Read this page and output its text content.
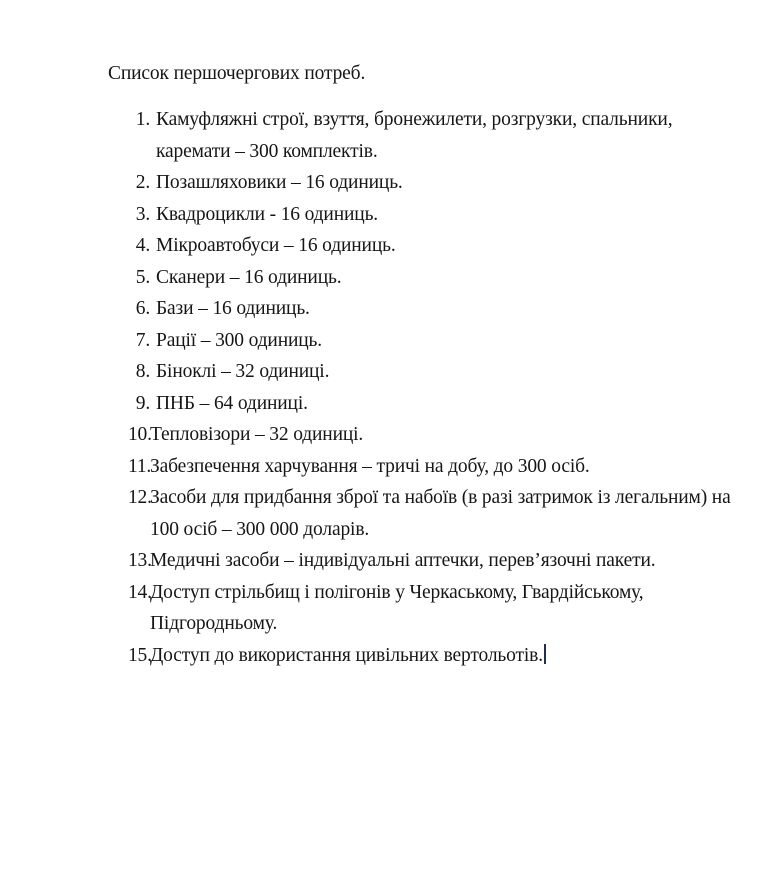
Список першочергових потреб.
1. Камуфляжні строї, взуття, бронежилети, розгрузки, спальники,
каремати – 300 комплектів.
2. Позашляховики – 16 одиниць.
3. Квадроцикли - 16 одиниць.
4. Мікроавтобуси – 16 одиниць.
5. Сканери – 16 одиниць.
6. Бази – 16 одиниць.
7. Рації – 300 одиниць.
8. Біноклі – 32 одиниці.
9. ПНБ – 64 одиниці.
10.
Тепловізори – 32 одиниці.
11.
Забезпечення харчування – тричі на добу, до 300 осіб.
12.
Засоби для придбання зброї та набоїв (в разі затримок із легальним) на
100 осіб – 300 000 доларів.
13.
Медичні засоби – індивідуальні аптечки, перев’язочні пакети.
14.
Доступ стрільбищ і полігонів у Черкаському, Гвардійському,
Підгородньому.
15.
Доступ до використання цивільних вертольотів.
